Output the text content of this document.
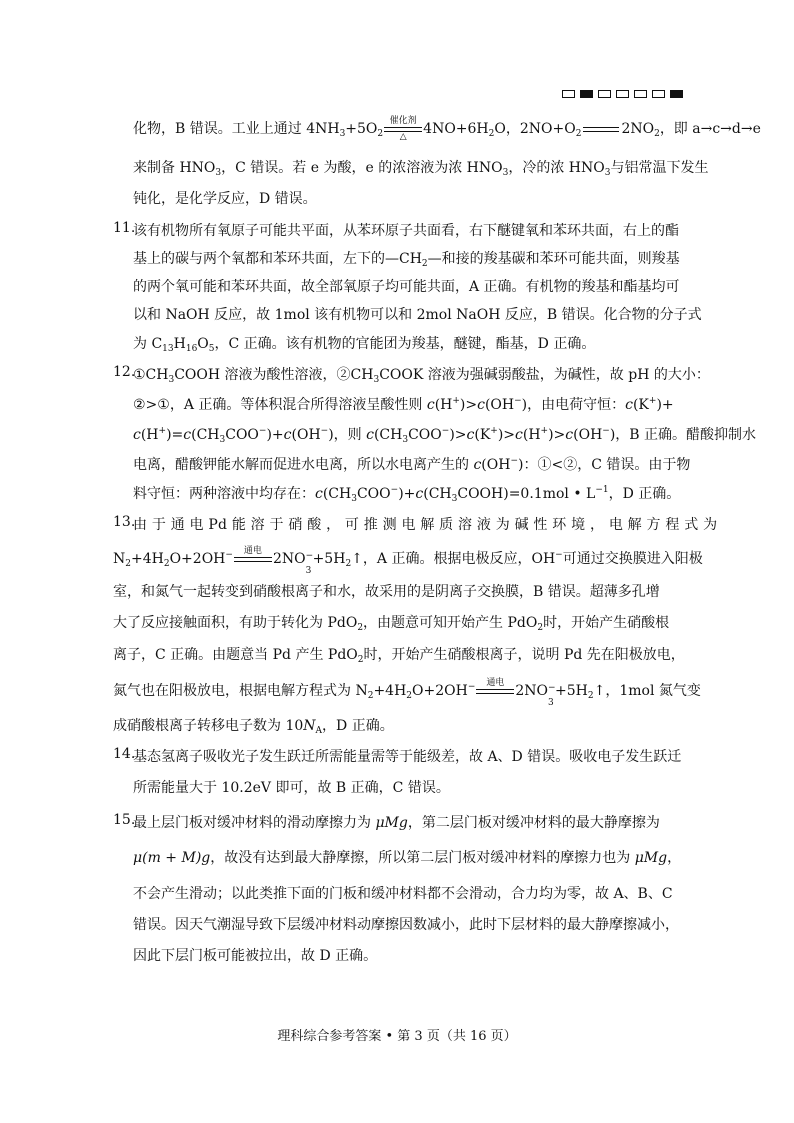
化物，B 错误。工业上通过 $4NH_3+5O_2$
催化剂
△	$4NO+6H_2O$，$2NO+O_2$	$2NO_2$，即 a→c→d→e
来制备 $HNO_3$，C 错误。若 e 为酸，e 的浓溶液为浓 $HNO_3$，冷的浓 $HNO_3$与铝常温下发生
钝化，是化学反应，D 错误。
11.
该有机物所有氧原子可能共平面，从苯环原子共面看，右下醚键氧和苯环共面，右上的酯
基上的碳与两个氧都和苯环共面，左下的$—CH_2—$和接的羧基碳和苯环可能共面，则羧基
的两个氧可能和苯环共面，故全部氧原子均可能共面，A 正确。有机物的羧基和酯基均可
以和 NaOH 反应，故 1mol 该有机物可以和 2mol NaOH 反应，B 错误。化合物的分子式
为 $C_{13}H_{16}O_5$，C 正确。该有机物的官能团为羧基，醚键，酯基，D 正确。
12.
$①CH_3COOH$ 溶液为酸性溶液，$②CH_3COOK$ 溶液为强碱弱酸盐，为碱性，故 pH 的大小：
②>①，A 正确。等体积混合所得溶液呈酸性则 c(H+)>c(OH−)，由电荷守恒：c(K+)+
$c(H^+)=c(CH_3COO^-)+c(OH^-)$，则 $c(CH_3COO^-)>c(K^+)>c(H^+)>c(OH^-)$，B 正确。醋酸抑制水
电离，醋酸钾能水解而促进水电离，所以水电离产生的 c(OH−)：①<②，C 错误。由于物
料守恒：两种溶液中均存在：$c(CH_3COO^-)+c(CH_3COOH)=0.1mol$ • $L^{-1}$，D 正确。
13.
由 于 通 电 Pd 能 溶 于 硝 酸 ， 可 推 测 电 解 质 溶 液 为 碱 性 环 境 ， 电 解 方 程 式 为
$N_2+4H_2O+2OH^-$	通电
2NO −
3
$+5H_2↑$，A 正确。根据电极反应，OH−可通过交换膜进入阳极
室，和氮气一起转变到硝酸根离子和水，故采用的是阴离子交换膜，B 错误。超薄多孔增
大了反应接触面积，有助于转化为 PdO$_2$，由题意可知开始产生 PdO$_2$时，开始产生硝酸根
离子，C 正确。由题意当 Pd 产生 PdO$_2$时，开始产生硝酸根离子，说明 Pd 先在阳极放电，
氮气也在阳极放电，根据电解方程式为 $N_2+4H_2O+2OH^-$	通电
2NO −
3
$+5H_2↑$，1mol 氮气变
成硝酸根离子转移电子数为 $10N_A$，D 正确。
14.
基态氢离子吸收光子发生跃迁所需能量需等于能级差，故 A、D 错误。吸收电子发生跃迁
所需能量大于 10.2eV 即可，故 B 正确，C 错误。
15.
最上层门板对缓冲材料的滑动摩擦力为 μMg，第二层门板对缓冲材料的最大静摩擦为
μ(m + M)g，故没有达到最大静摩擦，所以第二层门板对缓冲材料的摩擦力也为 μMg，
不会产生滑动；以此类推下面的门板和缓冲材料都不会滑动，合力均为零，故 A、B、C
错误。因天气潮湿导致下层缓冲材料动摩擦因数减小，此时下层材料的最大静摩擦减小，
因此下层门板可能被拉出，故 D 正确。
理科综合参考答案 • 第 3 页（共 16 页）
